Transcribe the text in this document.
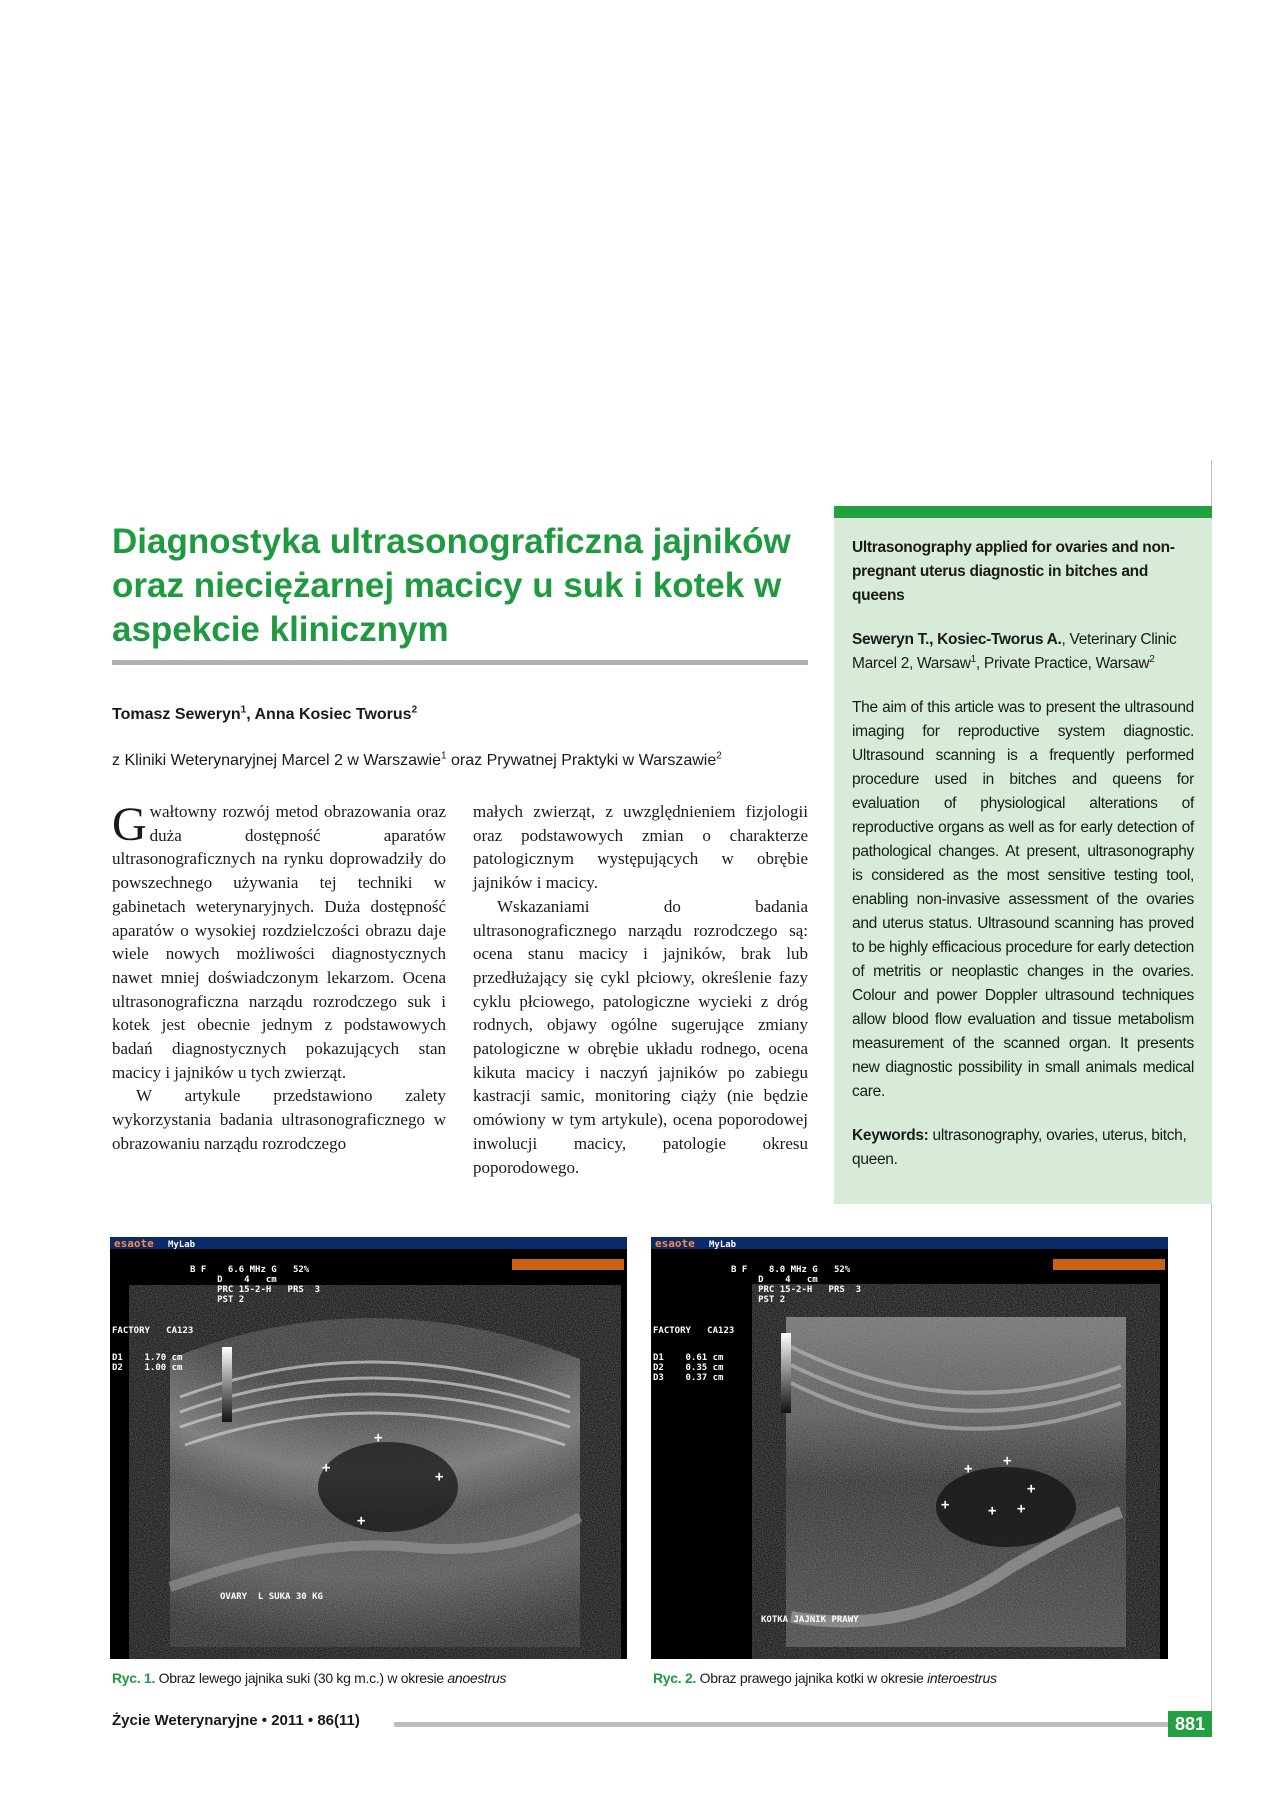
Diagnostyka ultrasonograficzna jajników oraz nieciężarnej macicy u suk i kotek w aspekcie klinicznym
Tomasz Seweryn$^1$, Anna Kosiec Tworus$^2$
z Kliniki Weterynaryjnej Marcel 2 w Warszawie$^1$ oraz Prywatnej Praktyki w Warszawie$^2$

Gwałtowny rozwój metod obrazowania oraz duża dostępność aparatów ultrasonograficznych na rynku doprowadziły do powszechnego używania tej techniki w gabinetach weterynaryjnych. Duża dostępność aparatów o wysokiej rozdzielczości obrazu daje wiele nowych możliwości diagnostycznych nawet mniej doświadczonym lekarzom. Ocena ultrasonograficzna narządu rozrodczego suk i kotek jest obecnie jednym z podstawowych badań diagnostycznych pokazujących stan macicy i jajników u tych zwierząt.

W artykule przedstawiono zalety wykorzystania badania ultrasonograficznego w obrazowaniu narządu rozrodczego

małych zwierząt, z uwzględnieniem fizjologii oraz podstawowych zmian o charakterze patologicznym występujących w obrębie jajników i macicy.

Wskazaniami do badania ultrasonograficznego narządu rozrodczego są: ocena stanu macicy i jajników, brak lub przedłużający się cykl płciowy, określenie fazy cyklu płciowego, patologiczne wycieki z dróg rodnych, objawy ogólne sugerujące zmiany patologiczne w obrębie układu rodnego, ocena kikuta macicy i naczyń jajników po zabiegu kastracji samic, monitoring ciąży (nie będzie omówiony w tym artykule), ocena poporodowej inwolucji macicy, patologie okresu poporodowego.

Ultrasonography applied for ovaries and non-pregnant uterus diagnostic in bitches and queens

Seweryn T., Kosiec-Tworus A., Veterinary Clinic Marcel 2, Warsaw$^1$, Private Practice, Warsaw$^2$

The aim of this article was to present the ultrasound imaging for reproductive system diagnostic. Ultrasound scanning is a frequently performed procedure used in bitches and queens for evaluation of physiological alterations of reproductive organs as well as for early detection of pathological changes. At present, ultrasonography is considered as the most sensitive testing tool, enabling non-invasive assessment of the ovaries and uterus status. Ultrasound scanning has proved to be highly efficacious procedure for early detection of metritis or neoplastic changes in the ovaries. Colour and power Doppler ultrasound techniques allow blood flow evaluation and tissue metabolism measurement of the scanned organ. It presents new diagnostic possibility in small animals medical care.

Keywords: ultrasonography, ovaries, uterus, bitch, queen.

+
+
+
+
esaote MyLab
B F    6.6 MHz G   52%
D    4   cm
PRC 15-2-H   PRS  3
PST 2
FACTORY   CA123
D1    1.70 cm
D2    1.00 cm
OVARY  L SUKA 30 KG
Ryc. 1. Obraz lewego jajnika suki (30 kg m.c.) w okresie anoestrus
+ +
+
+	+ +
esaote MyLab
B F    8.0 MHz G   52%
D    4   cm
PRC 15-2-H   PRS  3
PST 2
FACTORY   CA123
D1    0.61 cm
D2    0.35 cm
D3    0.37 cm
KOTKA JAJNIK PRAWY
Ryc. 2. Obraz prawego jajnika kotki w okresie interoestrus
Życie Weterynaryjne • 2011 • 86(11)	881
